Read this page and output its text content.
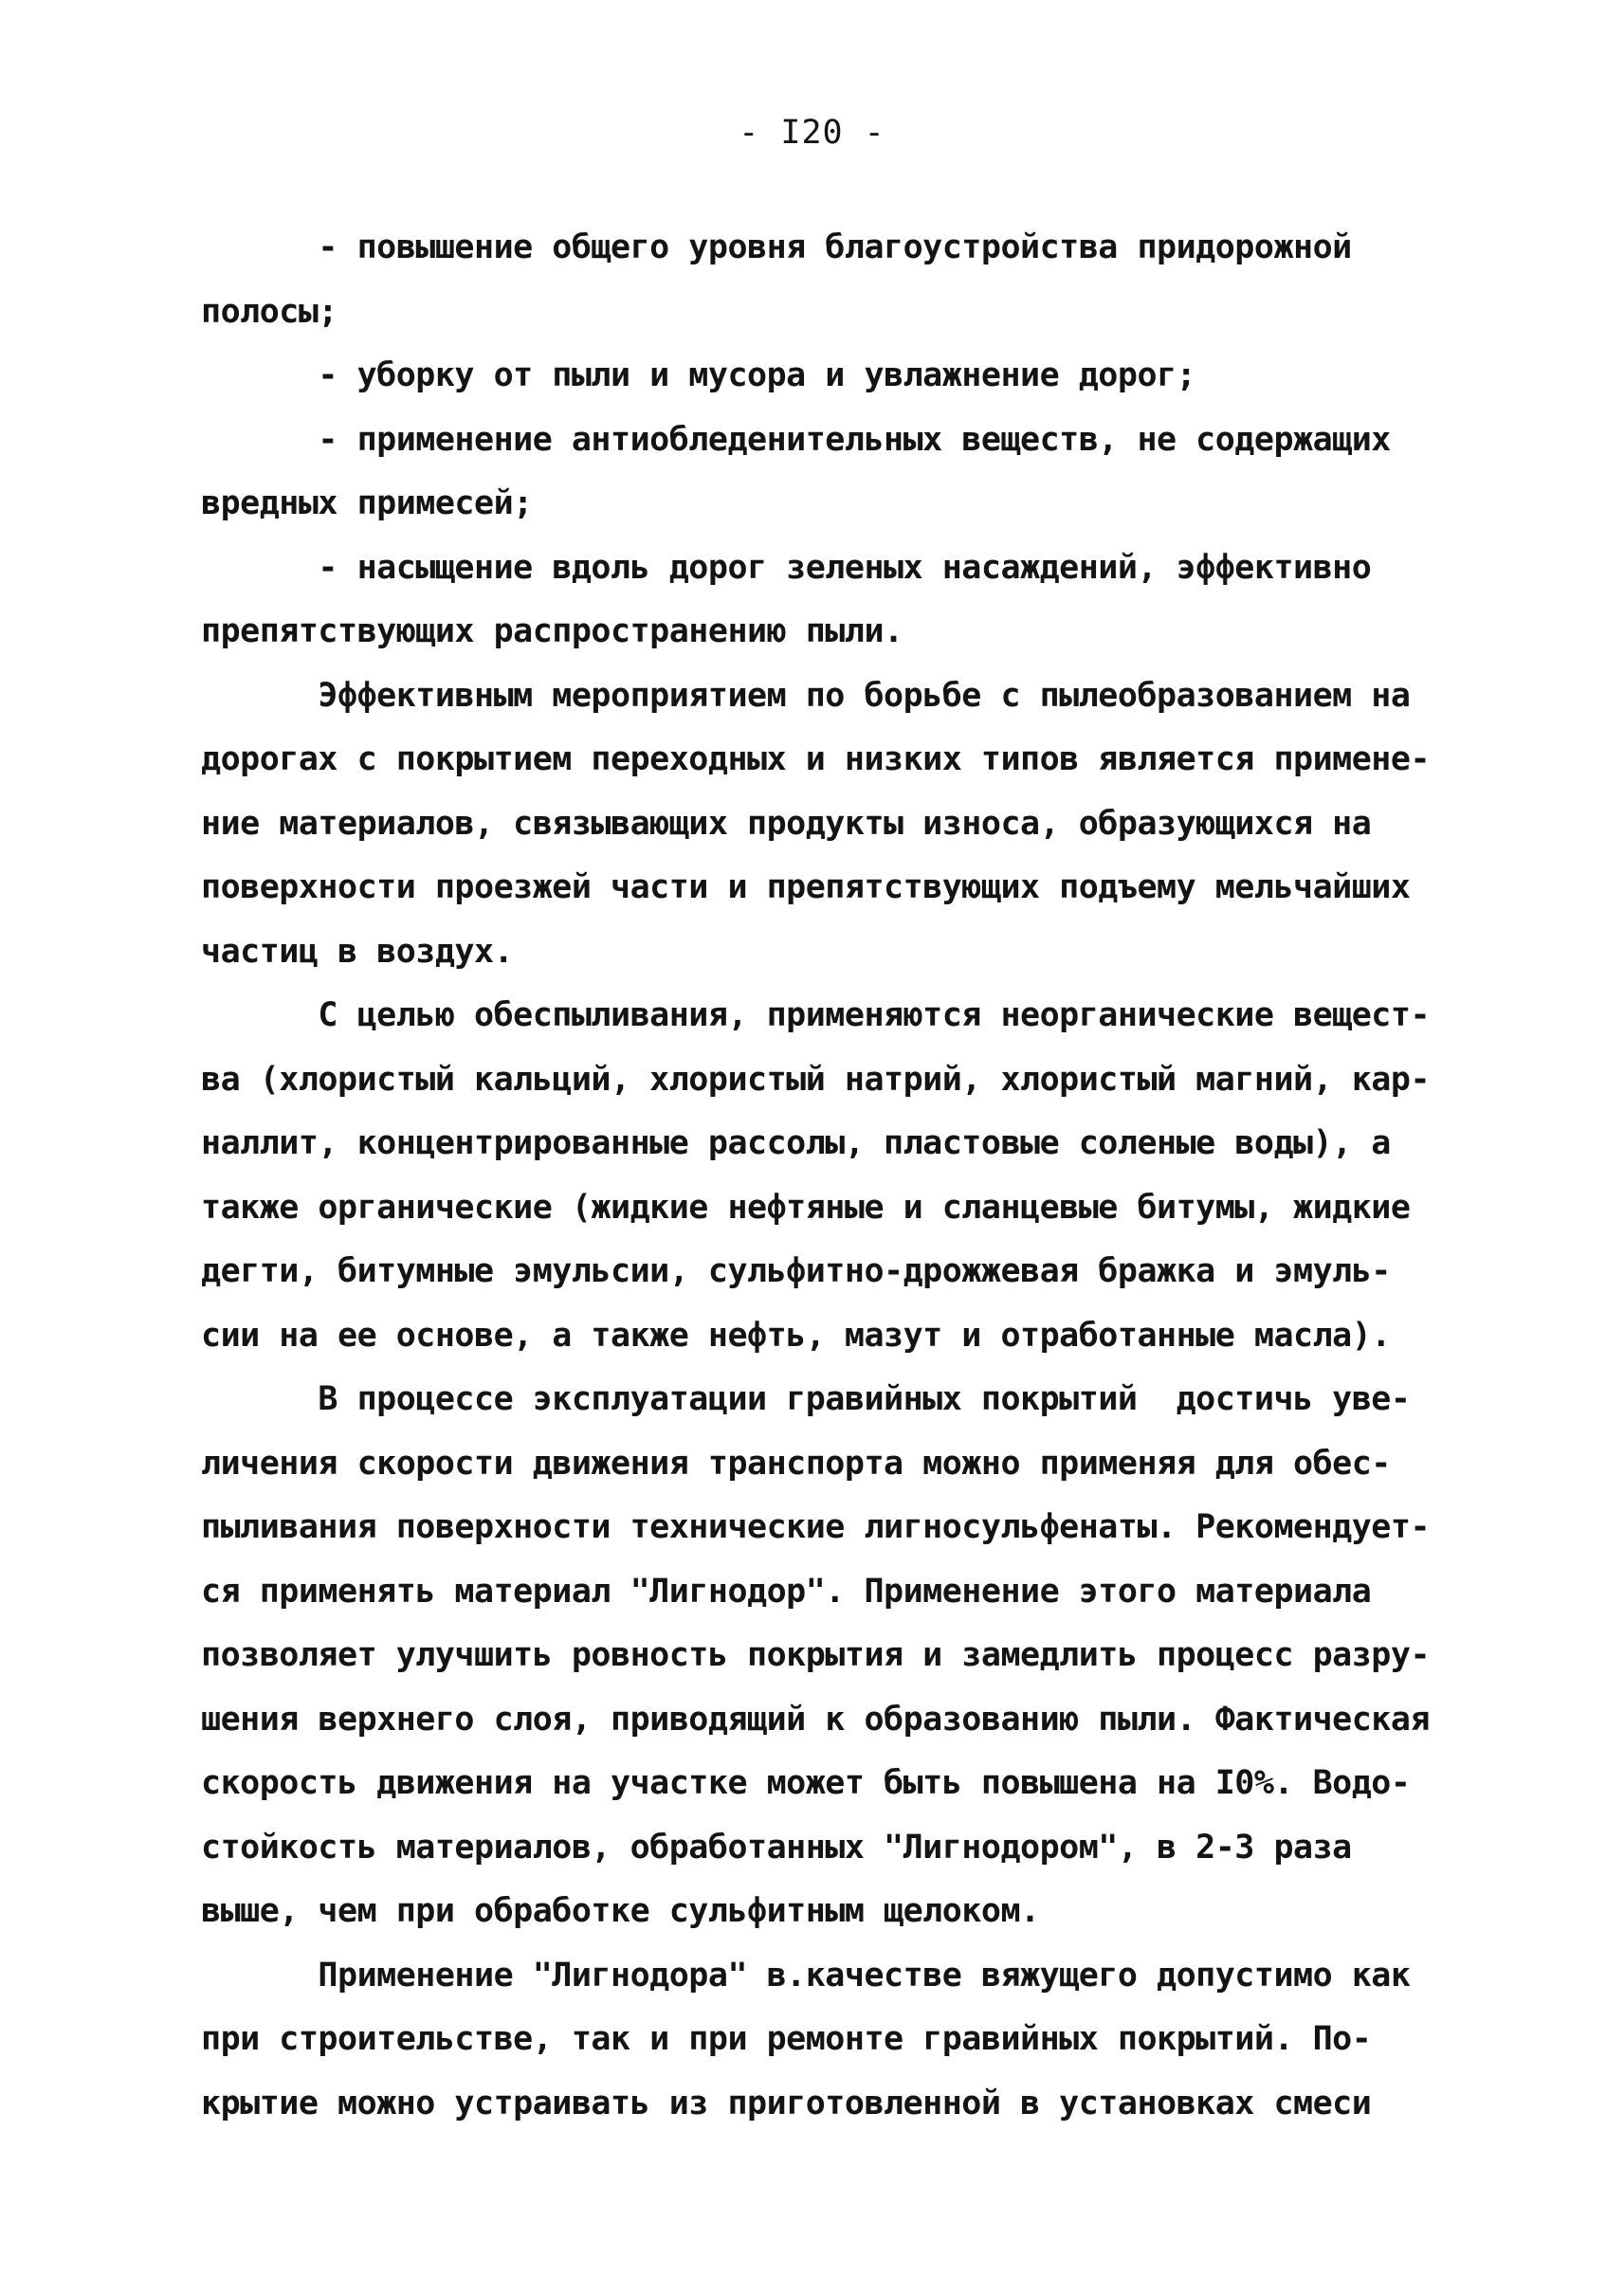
- I20 -
- повышение общего уровня благоустройства придорожной
полосы;
- уборку от пыли и мусора и увлажнение дорог;
- применение антиобледенительных веществ, не содержащих
вредных примесей;
- насыщение вдоль дорог зеленых насаждений, эффективно
препятствующих распространению пыли.
Эффективным мероприятием по борьбе с пылеобразованием на
дорогах с покрытием переходных и низких типов является примене-
ние материалов, связывающих продукты износа, образующихся на
поверхности проезжей части и препятствующих подъему мельчайших
частиц в воздух.
С целью обеспыливания, применяются неорганические вещест-
ва (хлористый кальций, хлористый натрий, хлористый магний, кар-
наллит, концентрированные рассолы, пластовые соленые воды), а
также органические (жидкие нефтяные и сланцевые битумы, жидкие
дегти, битумные эмульсии, сульфитно-дрожжевая бражка и эмуль-
сии на ее основе, а также нефть, мазут и отработанные масла).
В процессе эксплуатации гравийных покрытий  достичь уве-
личения скорости движения транспорта можно применяя для обес-
пыливания поверхности технические лигносульфенаты. Рекомендует-
ся применять материал "Лигнодор". Применение этого материала
позволяет улучшить ровность покрытия и замедлить процесс разру-
шения верхнего слоя, приводящий к образованию пыли. Фактическая
скорость движения на участке может быть повышена на I0%. Водо-
стойкость материалов, обработанных "Лигнодором", в 2-3 раза
выше, чем при обработке сульфитным щелоком.
Применение "Лигнодора" в.качестве вяжущего допустимо как
при строительстве, так и при ремонте гравийных покрытий. По-
крытие можно устраивать из приготовленной в установках смеси
